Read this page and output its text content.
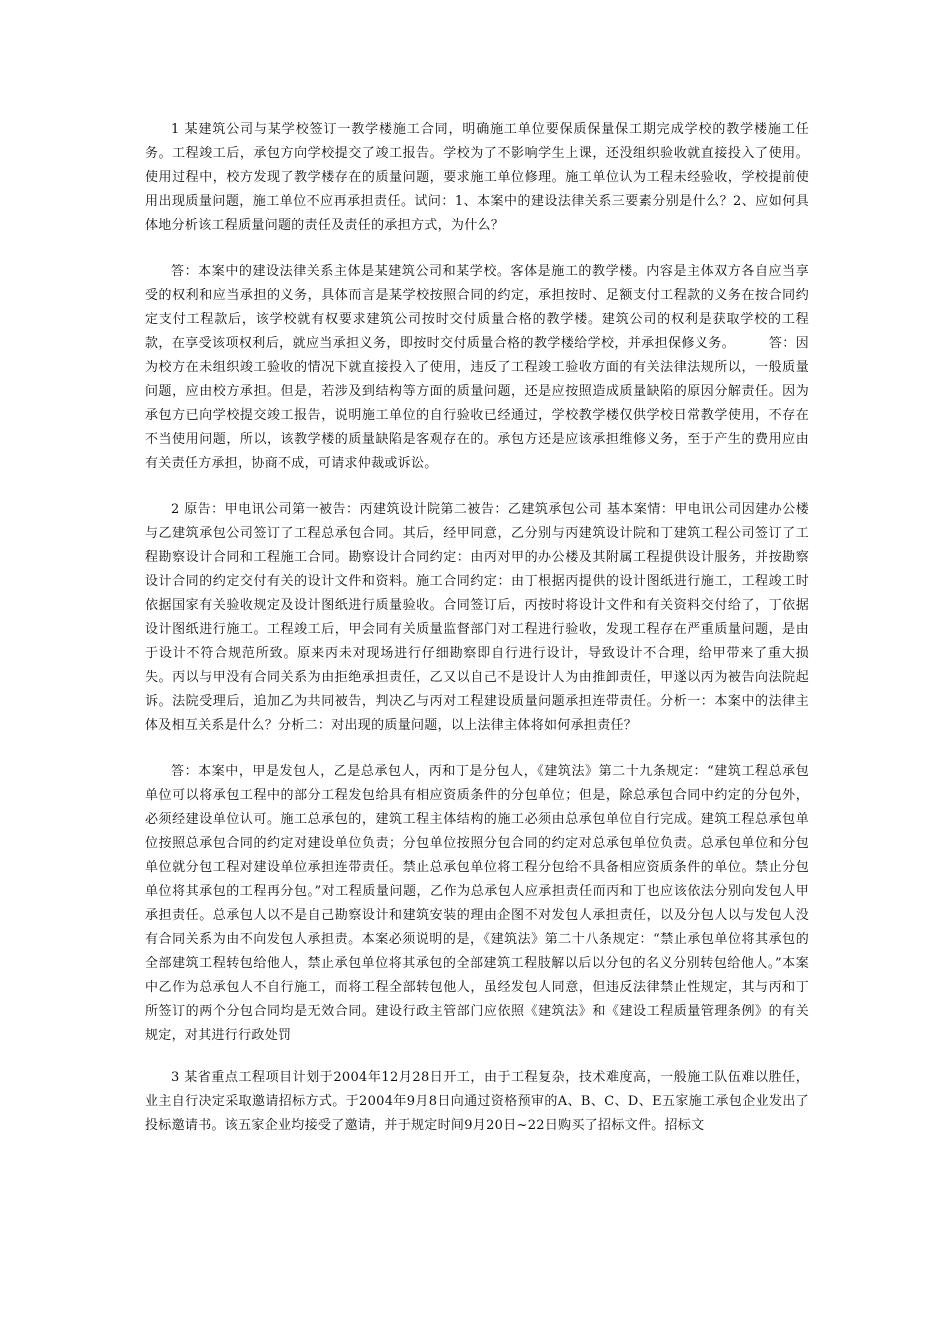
1 某建筑公司与某学校签订一教学楼施工合同，明确施工单位要保质保量保工期完成学校的教学楼施工任务。工程竣工后，承包方向学校提交了竣工报告。学校为了不影响学生上课，还没组织验收就直接投入了使用。使用过程中，校方发现了教学楼存在的质量问题，要求施工单位修理。施工单位认为工程未经验收，学校提前使用出现质量问题，施工单位不应再承担责任。试问：1、本案中的建设法律关系三要素分别是什么？2、应如何具体地分析该工程质量问题的责任及责任的承担方式，为什么？

答：本案中的建设法律关系主体是某建筑公司和某学校。客体是施工的教学楼。内容是主体双方各自应当享受的权利和应当承担的义务，具体而言是某学校按照合同的约定，承担按时、足额支付工程款的义务在按合同约定支付工程款后，该学校就有权要求建筑公司按时交付质量合格的教学楼。建筑公司的权利是获取学校的工程款，在享受该项权利后，就应当承担义务，即按时交付质量合格的教学楼给学校，并承担保修义务。　　　答：因为校方在未组织竣工验收的情况下就直接投入了使用，违反了工程竣工验收方面的有关法律法规所以，一般质量问题，应由校方承担。但是，若涉及到结构等方面的质量问题，还是应按照造成质量缺陷的原因分解责任。因为承包方已向学校提交竣工报告，说明施工单位的自行验收已经通过，学校教学楼仅供学校日常教学使用，不存在不当使用问题，所以，该教学楼的质量缺陷是客观存在的。承包方还是应该承担维修义务，至于产生的费用应由有关责任方承担，协商不成，可请求仲裁或诉讼。

2 原告：甲电讯公司第一被告：丙建筑设计院第二被告：乙建筑承包公司 基本案情：甲电讯公司因建办公楼与乙建筑承包公司签订了工程总承包合同。其后，经甲同意，乙分别与丙建筑设计院和丁建筑工程公司签订了工程勘察设计合同和工程施工合同。勘察设计合同约定：由丙对甲的办公楼及其附属工程提供设计服务，并按勘察设计合同的约定交付有关的设计文件和资料。施工合同约定：由丁根据丙提供的设计图纸进行施工，工程竣工时依据国家有关验收规定及设计图纸进行质量验收。合同签订后，丙按时将设计文件和有关资料交付给了，丁依据设计图纸进行施工。工程竣工后，甲会同有关质量监督部门对工程进行验收，发现工程存在严重质量问题，是由于设计不符合规范所致。原来丙未对现场进行仔细勘察即自行进行设计，导致设计不合理，给甲带来了重大损失。丙以与甲没有合同关系为由拒绝承担责任，乙又以自己不是设计人为由推卸责任，甲遂以丙为被告向法院起诉。法院受理后，追加乙为共同被告，判决乙与丙对工程建设质量问题承担连带责任。分析一：本案中的法律主体及相互关系是什么？分析二：对出现的质量问题，以上法律主体将如何承担责任？

答：本案中，甲是发包人，乙是总承包人，丙和丁是分包人，《建筑法》第二十九条规定：“建筑工程总承包单位可以将承包工程中的部分工程发包给具有相应资质条件的分包单位；但是，除总承包合同中约定的分包外，必须经建设单位认可。施工总承包的，建筑工程主体结构的施工必须由总承包单位自行完成。建筑工程总承包单位按照总承包合同的约定对建设单位负责；分包单位按照分包合同的约定对总承包单位负责。总承包单位和分包单位就分包工程对建设单位承担连带责任。禁止总承包单位将工程分包给不具备相应资质条件的单位。禁止分包单位将其承包的工程再分包。”对工程质量问题，乙作为总承包人应承担责任而丙和丁也应该依法分别向发包人甲承担责任。总承包人以不是自己勘察设计和建筑安装的理由企图不对发包人承担责任，以及分包人以与发包人没有合同关系为由不向发包人承担责。本案必须说明的是，《建筑法》第二十八条规定：“禁止承包单位将其承包的全部建筑工程转包给他人，禁止承包单位将其承包的全部建筑工程肢解以后以分包的名义分别转包给他人。”本案中乙作为总承包人不自行施工，而将工程全部转包他人，虽经发包人同意，但违反法律禁止性规定，其与丙和丁所签订的两个分包合同均是无效合同。建设行政主管部门应依照《建筑法》和《建设工程质量管理条例》的有关规定，对其进行行政处罚

3 某省重点工程项目计划于2004年12月28日开工，由于工程复杂，技术难度高，一般施工队伍难以胜任，业主自行决定采取邀请招标方式。于2004年9月8日向通过资格预审的A、B、C、D、E五家施工承包企业发出了投标邀请书。该五家企业均接受了邀请，并于规定时间9月20日~22日购买了招标文件。招标文
